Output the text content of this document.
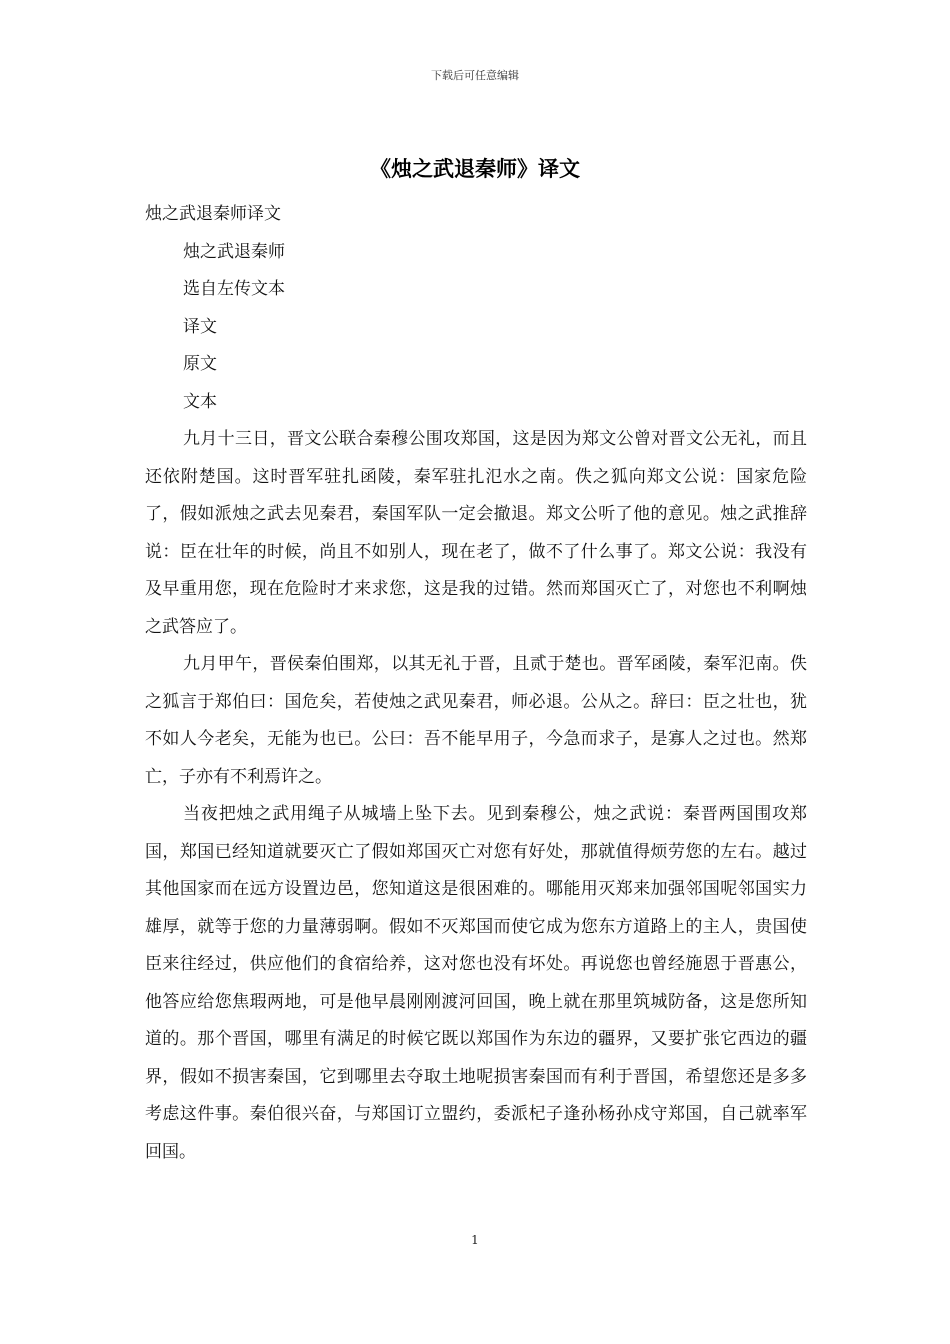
下载后可任意编辑
《烛之武退秦师》译文

烛之武退秦师译文

烛之武退秦师

选自左传文本

译文

原文

文本

九月十三日，晋文公联合秦穆公围攻郑国，这是因为郑文公曾对晋文公无礼，而且还依附楚国。这时晋军驻扎函陵，秦军驻扎氾水之南。佚之狐向郑文公说：国家危险了，假如派烛之武去见秦君，秦国军队一定会撤退。郑文公听了他的意见。烛之武推辞说：臣在壮年的时候，尚且不如别人，现在老了，做不了什么事了。郑文公说：我没有及早重用您，现在危险时才来求您，这是我的过错。然而郑国灭亡了，对您也不利啊烛之武答应了。

九月甲午，晋侯秦伯围郑，以其无礼于晋，且贰于楚也。晋军函陵，秦军氾南。佚之狐言于郑伯曰：国危矣，若使烛之武见秦君，师必退。公从之。辞曰：臣之壮也，犹不如人今老矣，无能为也已。公曰：吾不能早用子，今急而求子，是寡人之过也。然郑亡，子亦有不利焉许之。

当夜把烛之武用绳子从城墙上坠下去。见到秦穆公，烛之武说：秦晋两国围攻郑国，郑国已经知道就要灭亡了假如郑国灭亡对您有好处，那就值得烦劳您的左右。越过其他国家而在远方设置边邑，您知道这是很困难的。哪能用灭郑来加强邻国呢邻国实力雄厚，就等于您的力量薄弱啊。假如不灭郑国而使它成为您东方道路上的主人，贵国使臣来往经过，供应他们的食宿给养，这对您也没有坏处。再说您也曾经施恩于晋惠公，他答应给您焦瑕两地，可是他早晨刚刚渡河回国，晚上就在那里筑城防备，这是您所知道的。那个晋国，哪里有满足的时候它既以郑国作为东边的疆界，又要扩张它西边的疆界，假如不损害秦国，它到哪里去夺取土地呢损害秦国而有利于晋国，希望您还是多多考虑这件事。秦伯很兴奋，与郑国订立盟约，委派杞子逢孙杨孙戍守郑国，自己就率军回国。

1
